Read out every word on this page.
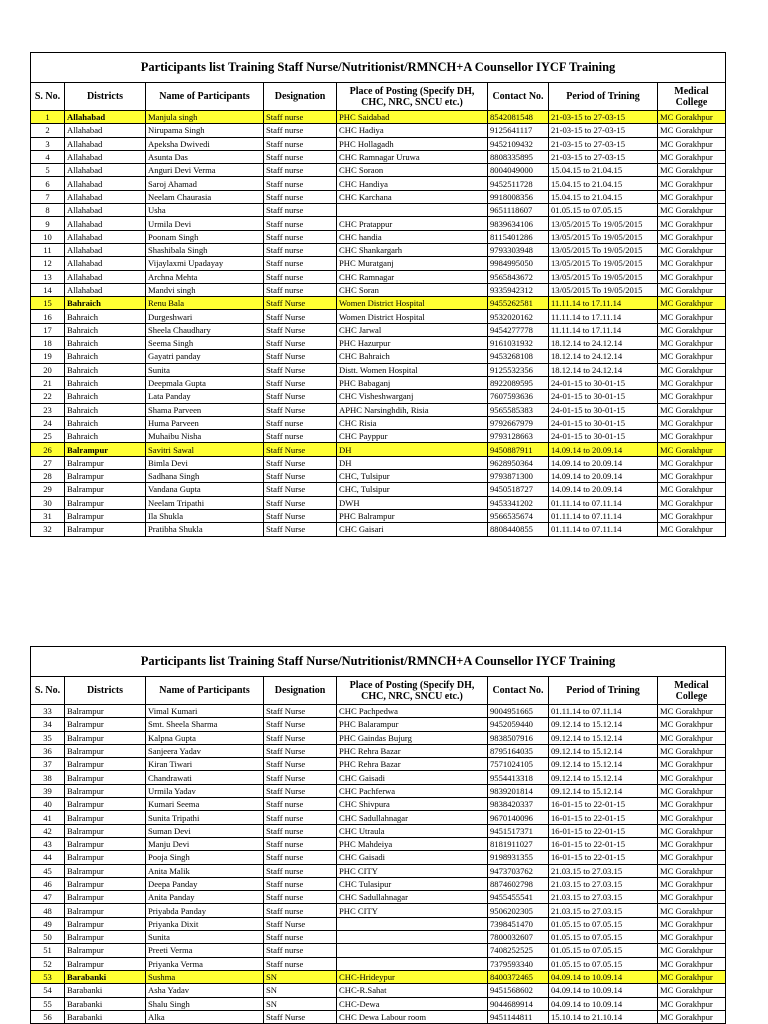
Participants list Training Staff Nurse/Nutritionist/RMNCH+A Counsellor IYCF Training							
S. No.	Districts	Name of Participants	Designation	Place of Posting (Specify DH, CHC, NRC, SNCU etc.)	Contact No.	Period of Trining	Medical College
1	Allahabad	Manjula singh	Staff nurse	PHC Saidabad	8542081548	21-03-15 to 27-03-15	MC Gorakhpur
2	Allahabad	Nirupama Singh	Staff nurse	CHC Hadiya	9125641117	21-03-15 to 27-03-15	MC Gorakhpur
3	Allahabad	Apeksha Dwivedi	Staff nurse	PHC Hollagadh	9452109432	21-03-15 to 27-03-15	MC Gorakhpur
4	Allahabad	Asunta Das	Staff nurse	CHC Ramnagar Uruwa	8808335895	21-03-15 to 27-03-15	MC Gorakhpur
5	Allahabad	Anguri Devi Verma	Staff nurse	CHC Soraon	8004049000	15.04.15 to 21.04.15	MC Gorakhpur
6	Allahabad	Saroj Ahamad	Staff nurse	CHC Handiya	9452511728	15.04.15 to 21.04.15	MC Gorakhpur
7	Allahabad	Neelam Chaurasia	Staff nurse	CHC Karchana	9918008356	15.04.15 to 21.04.15	MC Gorakhpur
8	Allahabad	Usha	Staff nurse		9651118607	01.05.15 to 07.05.15	MC Gorakhpur
9	Allahabad	Urmila Devi	Staff nurse	CHC Pratappur	9839634106	13/05/2015 To 19/05/2015	MC Gorakhpur
10	Allahabad	Poonam Singh	Staff nurse	CHC handia	8115401286	13/05/2015 To 19/05/2015	MC Gorakhpur
11	Allahabad	Shashibala Singh	Staff nurse	CHC Shankargarh	9793303948	13/05/2015 To 19/05/2015	MC Gorakhpur
12	Allahabad	Vijaylaxmi Upadayay	Staff nurse	PHC Muratganj	9984995050	13/05/2015 To 19/05/2015	MC Gorakhpur
13	Allahabad	Archna Mehta	Staff nurse	CHC Ramnagar	9565843672	13/05/2015 To 19/05/2015	MC Gorakhpur
14	Allahabad	Mandvi singh	Staff nurse	CHC Soran	9335942312	13/05/2015 To 19/05/2015	MC Gorakhpur
15	Bahraich	Renu Bala	Staff Nurse	Women District Hospital	9455262581	11.11.14 to 17.11.14	MC Gorakhpur
16	Bahraich	Durgeshwari	Staff Nurse	Women District Hospital	9532020162	11.11.14 to 17.11.14	MC Gorakhpur
17	Bahraich	Sheela Chaudhary	Staff Nurse	CHC Jarwal	9454277778	11.11.14 to 17.11.14	MC Gorakhpur
18	Bahraich	Seema Singh	Staff Nurse	PHC Hazurpur	9161031932	18.12.14 to 24.12.14	MC Gorakhpur
19	Bahraich	Gayatri panday	Staff Nurse	CHC Bahraich	9453268108	18.12.14 to 24.12.14	MC Gorakhpur
20	Bahraich	Sunita	Staff Nurse	Distt. Women Hospital	9125532356	18.12.14 to 24.12.14	MC Gorakhpur
21	Bahraich	Deepmala Gupta	Staff Nurse	PHC Babaganj	8922089595	24-01-15 to 30-01-15	MC Gorakhpur
22	Bahraich	Lata Panday	Staff Nurse	CHC Visheshwarganj	7607593636	24-01-15 to 30-01-15	MC Gorakhpur
23	Bahraich	Shama Parveen	Staff Nurse	APHC Narsinghdih, Risia	9565585383	24-01-15 to 30-01-15	MC Gorakhpur
24	Bahraich	Huma Parveen	Staff nurse	CHC Risia	9792667979	24-01-15 to 30-01-15	MC Gorakhpur
25	Bahraich	Muhaibu Nisha	Staff nurse	CHC Payppur	9793128663	24-01-15 to 30-01-15	MC Gorakhpur
26	Balrampur	Savitri Sawal	Staff Nurse	DH	9450887911	14.09.14 to 20.09.14	MC Gorakhpur
27	Balrampur	Bimla Devi	Staff Nurse	DH	9628950364	14.09.14 to 20.09.14	MC Gorakhpur
28	Balrampur	Sadhana Singh	Staff Nurse	CHC, Tulsipur	9793871300	14.09.14 to 20.09.14	MC Gorakhpur
29	Balrampur	Vandana Gupta	Staff Nurse	CHC, Tulsipur	9450518727	14.09.14 to 20.09.14	MC Gorakhpur
30	Balrampur	Neelam Tripathi	Staff Nurse	DWH	9453341202	01.11.14 to 07.11.14	MC Gorakhpur
31	Balrampur	Ila Shukla	Staff Nurse	PHC Balrampur	9566535674	01.11.14 to 07.11.14	MC Gorakhpur
32	Balrampur	Pratibha Shukla	Staff Nurse	CHC Gaisari	8808440855	01.11.14 to 07.11.14	MC Gorakhpur
Participants list Training Staff Nurse/Nutritionist/RMNCH+A Counsellor IYCF Training							
S. No.	Districts	Name of Participants	Designation	Place of Posting (Specify DH, CHC, NRC, SNCU etc.)	Contact No.	Period of Trining	Medical College
33	Balrampur	Vimal Kumari	Staff Nurse	CHC Pachpedwa	9004951665	01.11.14 to 07.11.14	MC Gorakhpur
34	Balrampur	Smt. Sheela Sharma	Staff Nurse	PHC Balarampur	9452059440	09.12.14 to 15.12.14	MC Gorakhpur
35	Balrampur	Kalpna Gupta	Staff Nurse	PHC Gaindas Bujurg	9838507916	09.12.14 to 15.12.14	MC Gorakhpur
36	Balrampur	Sanjeera Yadav	Staff Nurse	PHC Rehra Bazar	8795164035	09.12.14 to 15.12.14	MC Gorakhpur
37	Balrampur	Kiran Tiwari	Staff Nurse	PHC Rehra Bazar	7571024105	09.12.14 to 15.12.14	MC Gorakhpur
38	Balrampur	Chandrawati	Staff Nurse	CHC Gaisadi	9554413318	09.12.14 to 15.12.14	MC Gorakhpur
39	Balrampur	Urmila Yadav	Staff Nurse	CHC Pachferwa	9839201814	09.12.14 to 15.12.14	MC Gorakhpur
40	Balrampur	Kumari Seema	Staff nurse	CHC Shivpura	9838420337	16-01-15 to 22-01-15	MC Gorakhpur
41	Balrampur	Sunita Tripathi	Staff nurse	CHC Sadullahnagar	9670140096	16-01-15 to 22-01-15	MC Gorakhpur
42	Balrampur	Suman Devi	Staff nurse	CHC Utraula	9451517371	16-01-15 to 22-01-15	MC Gorakhpur
43	Balrampur	Manju Devi	Staff nurse	PHC Mahdeiya	8181911027	16-01-15 to 22-01-15	MC Gorakhpur
44	Balrampur	Pooja Singh	Staff nurse	CHC Gaisadi	9198931355	16-01-15 to 22-01-15	MC Gorakhpur
45	Balrampur	Anita Malik	Staff nurse	PHC CITY	9473703762	21.03.15 to 27.03.15	MC Gorakhpur
46	Balrampur	Deepa Panday	Staff nurse	CHC Tulasipur	8874602798	21.03.15 to 27.03.15	MC Gorakhpur
47	Balrampur	Anita Panday	Staff nurse	CHC Sadullahnagar	9455455541	21.03.15 to 27.03.15	MC Gorakhpur
48	Balrampur	Priyabda Panday	Staff nurse	PHC CITY	9506202305	21.03.15 to 27.03.15	MC Gorakhpur
49	Balrampur	Priyanka Dixit	Staff Nurse		7398451470	01.05.15 to 07.05.15	MC Gorakhpur
50	Balrampur	Sunita	Staff nurse		7800032607	01.05.15 to 07.05.15	MC Gorakhpur
51	Balrampur	Preeti Verma	Staff nurse		7408252525	01.05.15 to 07.05.15	MC Gorakhpur
52	Balrampur	Priyanka Verma	Staff nurse		7379593340	01.05.15 to 07.05.15	MC Gorakhpur
53	Barabanki	Sushma	SN	CHC-Hrideypur	8400372465	04.09.14 to 10.09.14	MC Gorakhpur
54	Barabanki	Asha Yadav	SN	CHC-R.Sahat	9451568602	04.09.14 to 10.09.14	MC Gorakhpur
55	Barabanki	Shalu Singh	SN	CHC-Dewa	9044689914	04.09.14 to 10.09.14	MC Gorakhpur
56	Barabanki	Alka	Staff Nurse	CHC Dewa Labour room	9451144811	15.10.14 to 21.10.14	MC Gorakhpur
